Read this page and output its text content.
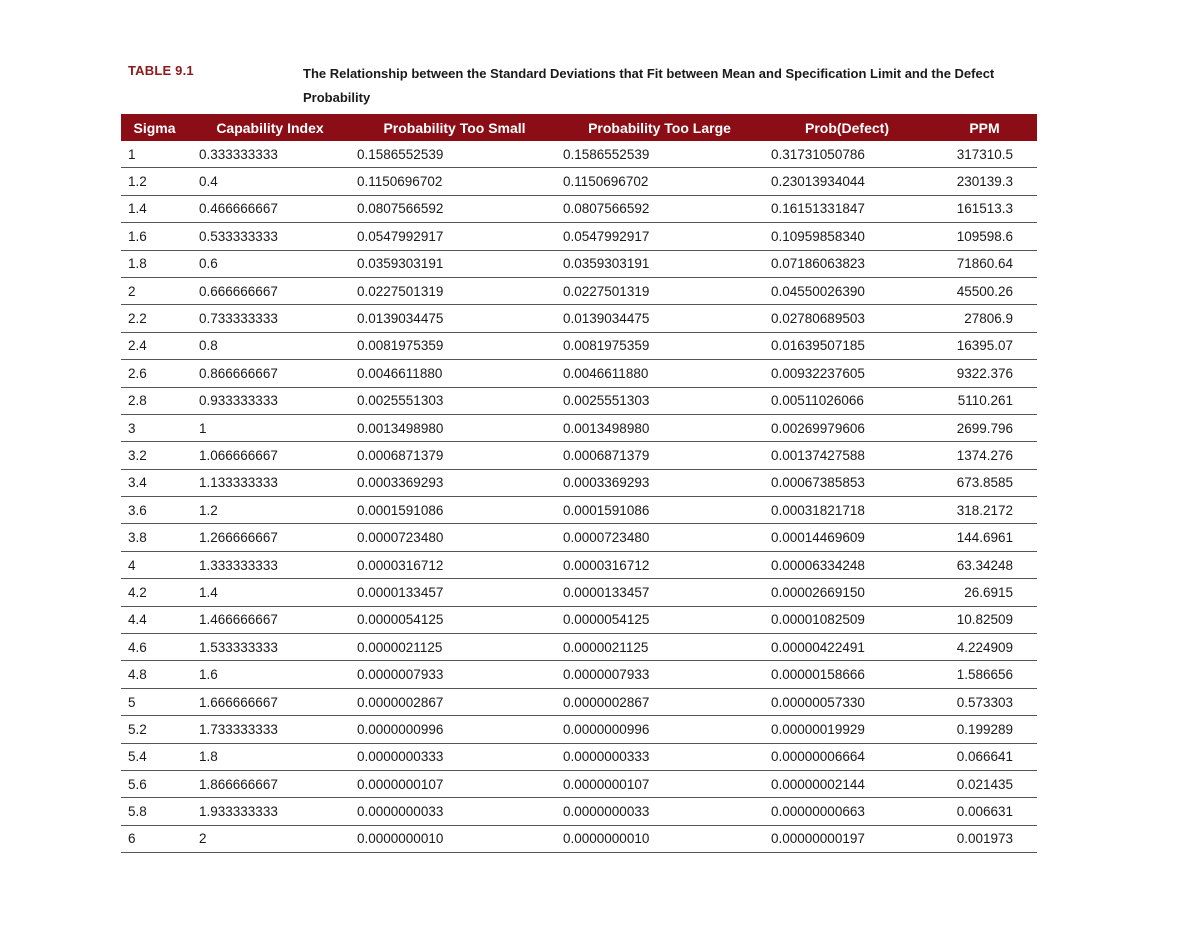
TABLE 9.1	The Relationship between the Standard Deviations that Fit between Mean and Specification Limit and the Defect Probability
Sigma	Capability Index	Probability Too Small	Probability Too Large	Prob(Defect)	PPM
1	0.333333333	0.1586552539	0.1586552539	0.31731050786	317310.5
1.2	0.4	0.1150696702	0.1150696702	0.23013934044	230139.3
1.4	0.466666667	0.0807566592	0.0807566592	0.16151331847	161513.3
1.6	0.533333333	0.0547992917	0.0547992917	0.10959858340	109598.6
1.8	0.6	0.0359303191	0.0359303191	0.07186063823	71860.64
2	0.666666667	0.0227501319	0.0227501319	0.04550026390	45500.26
2.2	0.733333333	0.0139034475	0.0139034475	0.02780689503	27806.9
2.4	0.8	0.0081975359	0.0081975359	0.01639507185	16395.07
2.6	0.866666667	0.0046611880	0.0046611880	0.00932237605	9322.376
2.8	0.933333333	0.0025551303	0.0025551303	0.00511026066	5110.261
3	1	0.0013498980	0.0013498980	0.00269979606	2699.796
3.2	1.066666667	0.0006871379	0.0006871379	0.00137427588	1374.276
3.4	1.133333333	0.0003369293	0.0003369293	0.00067385853	673.8585
3.6	1.2	0.0001591086	0.0001591086	0.00031821718	318.2172
3.8	1.266666667	0.0000723480	0.0000723480	0.00014469609	144.6961
4	1.333333333	0.0000316712	0.0000316712	0.00006334248	63.34248
4.2	1.4	0.0000133457	0.0000133457	0.00002669150	26.6915
4.4	1.466666667	0.0000054125	0.0000054125	0.00001082509	10.82509
4.6	1.533333333	0.0000021125	0.0000021125	0.00000422491	4.224909
4.8	1.6	0.0000007933	0.0000007933	0.00000158666	1.586656
5	1.666666667	0.0000002867	0.0000002867	0.00000057330	0.573303
5.2	1.733333333	0.0000000996	0.0000000996	0.00000019929	0.199289
5.4	1.8	0.0000000333	0.0000000333	0.00000006664	0.066641
5.6	1.866666667	0.0000000107	0.0000000107	0.00000002144	0.021435
5.8	1.933333333	0.0000000033	0.0000000033	0.00000000663	0.006631
6	2	0.0000000010	0.0000000010	0.00000000197	0.001973
